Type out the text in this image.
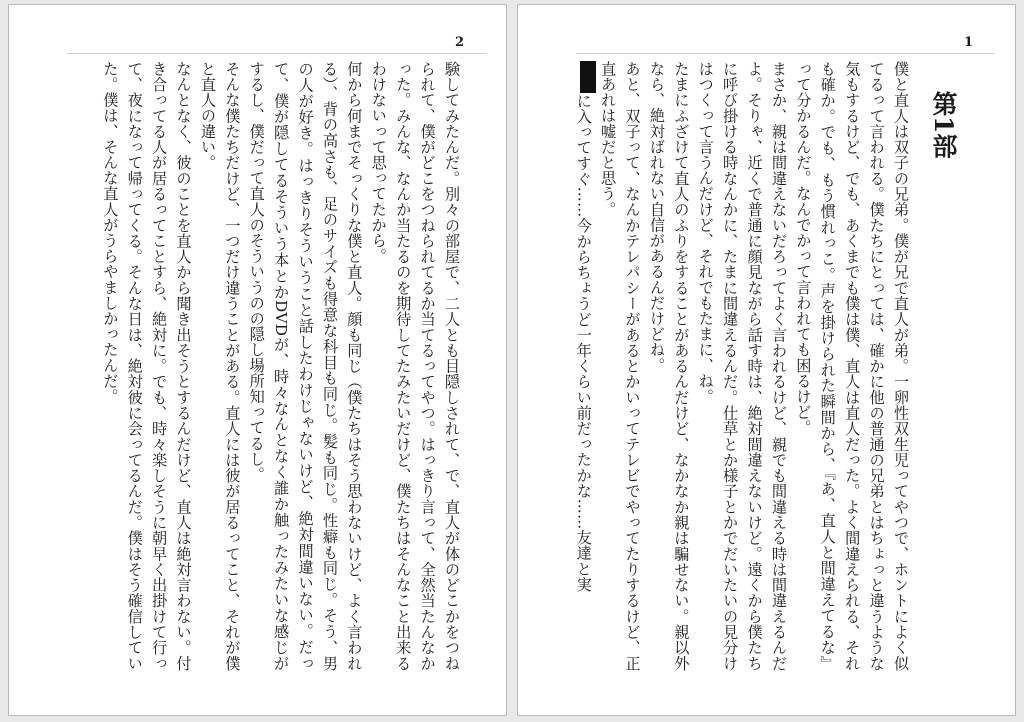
2

験してみたんだ。別々の部屋で、二人とも目隠しされて、で、直人が体のどこかをつねられて、僕がどこをつねられてるか当てるってやつ。はっきり言って、全然当たんなかった。みんな、なんか当たるのを期待してたみたいだけど、僕たちはそんなこと出来るわけないって思ってたから。

何から何までそっくりな僕と直人。顔も同じ（僕たちはそう思わないけど、よく言われる）、背の高さも、足のサイズも得意な科目も同じ。髪も同じ。性癖も同じ。そう、男の人が好き。はっきりそういうこと話したわけじゃないけど、絶対間違いない。だって、僕が隠してるそういう本とかDVDが、時々なんとなく誰か触ったみたいな感じがするし、僕だって直人のそういうのの隠し場所知ってるし。

そんな僕たちだけど、一つだけ違うことがある。直人には彼が居るってこと、それが僕と直人の違い。

なんとなく、彼のことを直人から聞き出そうとするんだけど、直人は絶対言わない。付き合ってる人が居るってことすら、絶対に。でも、時々楽しそうに朝早く出掛けて行って、夜になって帰ってくる。そんな日は、絶対彼に会ってるんだ。僕はそう確信していた。僕は、そんな直人がうらやましかったんだ。

1

第1部

僕と直人は双子の兄弟。僕が兄で直人が弟。一卵性双生児ってやつで、ホントによく似てるって言われる。僕たちにとっては、確かに他の普通の兄弟とはちょっと違うような気もするけど、でも、あくまでも僕は僕、直人は直人だった。よく間違えられる、それも確か。でも、もう慣れっこ。声を掛けられた瞬間から、『あ、直人と間違えてるな』って分かるんだ。なんでかって言われても困るけど。

まさか、親は間違えないだろってよく言われるけど、親でも間違える時は間違えるんだよ。そりゃ、近くで普通に顔見ながら話す時は、絶対間違えないけど。遠くから僕たちに呼び掛ける時なんかに、たまに間違えるんだ。仕草とか様子とかでだいたいの見分けはつくって言うんだけど、それでもたまに、ね。

たまにふざけて直人のふりをすることがあるんだけど、なかなか親は騙せない。親以外なら、絶対ばれない自信があるんだけどね。

あと、双子って、なんかテレパシーがあるとかいってテレビでやってたりするけど、正直あれは嘘だと思う。

に入ってすぐ……今からちょうど一年くらい前だったかな……友達と実
